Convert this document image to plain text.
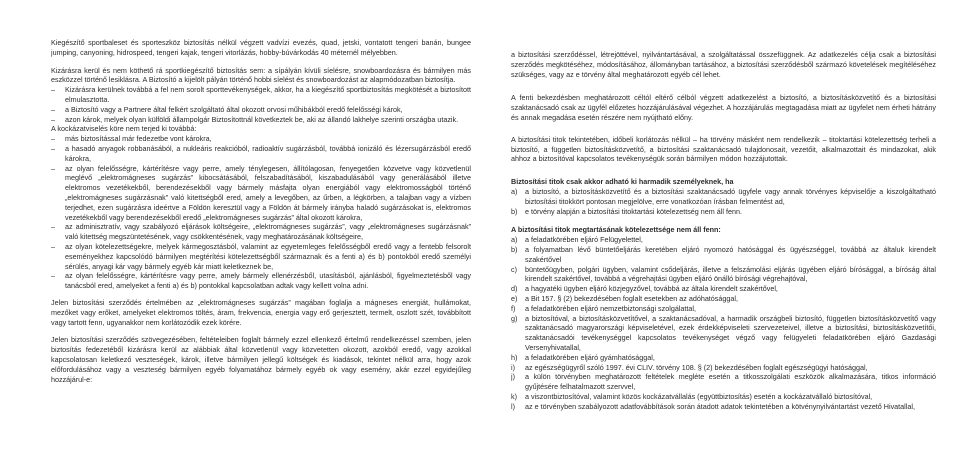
Kiegészítő sportbaleset és sporteszköz biztosítás nélkül végzett vadvízi evezés, quad, jetski, vontatott tengeri banán, bungee jumping, canyoning, hidrospeed, tengeri kajak, tengeri vitorlázás, hobby-búvárkodás 40 méternél mélyebben.

Kizárásra kerül és nem köthető rá sportkiegészítő biztosítás sem: a sípályán kívüli síelésre, snowboardozásra és bármilyen más eszközzel történő lesiklásra. A Biztosító a kijelölt pályán történő hobbi síelést és snowboardozást az alapmódozatban biztosítja.

–	Kizárásra kerülnek továbbá a fel nem sorolt sporttevékenységek, akkor, ha a kiegészítő sportbiztosítás megkötését a biztosított elmulasztotta.
–	a Biztosító vagy a Partnere által felkért szolgáltató által okozott orvosi műhibákból eredő felelősségi károk,
–	azon károk, melyek olyan külföldi állampolgár Biztosítottnál következtek be, aki az állandó lakhelye szerinti országba utazik.

A kockázatviselés köre nem terjed ki továbbá:

–	más biztosítással már fedezetbe vont károkra,
–	a hasadó anyagok robbanásából, a nukleáris reakcióból, radioaktív sugárzásból, továbbá ionizáló és lézersugárzásból eredő károkra,
–	az olyan felelősségre, kártérítésre vagy perre, amely ténylegesen, állítólagosan, fenyegetően közvetve vagy közvetlenül meglévő „elektromágneses sugárzás” kibocsátásából, felszabadításából, kiszabadulásából vagy generálásából illetve elektromos vezetékekből, berendezésekből vagy bármely másfajta olyan energiából vagy elektromosságból történő „elektromágneses sugárzásnak” való kitettségből ered, amely a levegőben, az űrben, a légkörben, a talajban vagy a vízben terjedhet, ezen sugárzásra ideértve a Földön keresztül vagy a Földön át bármely irányba haladó sugárzásokat is, elektromos vezetékekből vagy berendezésekből eredő „elektromágneses sugárzás” által okozott károkra,
–	az adminisztratív, vagy szabályozó eljárások költségeire, „elektromágneses sugárzás”, vagy „elektromágneses sugárzásnak” való kitettség megszüntetésének, vagy csökkentésének, vagy meghatározásának költségeire,
–	az olyan kötelezettségekre, melyek kármegosztásból, valamint az egyetemleges felelősségből eredő vagy a fentebb felsorolt eseményekhez kapcsolódó bármilyen megtérítési kötelezettségből származnak és a fenti a) és b) pontokból eredő személyi sérülés, anyagi kár vagy bármely egyéb kár miatt keletkeznek be,
–	az olyan felelősségre, kártérítésre vagy perre, amely bármely ellenérzésből, utasításból, ajánlásból, figyelmeztetésből vagy tanácsból ered, amelyeket a fenti a) és b) pontokkal kapcsolatban adtak vagy kellett volna adni.

Jelen biztosítási szerződés értelmében az „elektromágneses sugárzás” magában foglalja a mágneses energiát, hullámokat, mezőket vagy erőket, amelyeket elektromos töltés, áram, frekvencia, energia vagy erő gerjesztett, termelt, oszlott szét, továbbított vagy tartott fenn, ugyanakkor nem korlátozódik ezek körére.

Jelen biztosítási szerződés szövegezésében, feltételeiben foglalt bármely ezzel ellenkező értelmű rendelkezéssel szemben, jelen biztosítás fedezetéből kizárásra kerül az alábbiak által közvetlenül vagy közvetetten okozott, azokból eredő, vagy azokkal kapcsolatosan keletkező veszteségek, károk, illetve bármilyen jellegű költségek és kiadások, tekintet nélkül arra, hogy azok előfordulásához vagy a veszteség bármilyen egyéb folyamatához bármely egyéb ok vagy esemény, akár ezzel egyidejűleg hozzájárul-e:

a biztosítási szerződéssel, létrejöttével, nyilvántartásával, a szolgáltatással összefüggnek. Az adatkezelés célja csak a biztosítási szerződés megkötéséhez, módosításához, állományban tartásához, a biztosítási szerződésből származó követelések megítéléséhez szükséges, vagy az e törvény által meghatározott egyéb cél lehet.

A fenti bekezdésben meghatározott céltól eltérő célból végzett adatkezelést a biztosító, a biztosításközvetítő és a biztosítási szaktanácsadó csak az ügyfél előzetes hozzájárulásával végezhet. A hozzájárulás megtagadása miatt az ügyfelet nem érheti hátrány és annak megadása esetén részére nem nyújtható előny.

A biztosítási titok tekintetében, időbeli korlátozás nélkül – ha törvény másként nem rendelkezik – titoktartási kötelezettség terheli a biztosító, a független biztosításközvetítő, a biztosítási szaktanácsadó tulajdonosait, vezetőit, alkalmazottait és mindazokat, akik ahhoz a biztosítóval kapcsolatos tevékenységük során bármilyen módon hozzájutottak.

Biztosítási titok csak akkor adható ki harmadik személyeknek, ha

a)	a biztosító, a biztosításközvetítő és a biztosítási szaktanácsadó ügyfele vagy annak törvényes képviselője a kiszolgáltatható biztosítási titokkört pontosan megjelölve, erre vonatkozóan írásban felmentést ad,
b)	e törvény alapján a biztosítási titoktartási kötelezettség nem áll fenn.

A biztosítási titok megtartásának kötelezettsége nem áll fenn:

a)	a feladatkörében eljáró Felügyelettel,
b)	a folyamatban lévő büntetőeljárás keretében eljáró nyomozó hatósággal és ügyészséggel, továbbá az általuk kirendelt szakértővel
c)	büntetőügyben, polgári ügyben, valamint csődeljárás, illetve a felszámolási eljárás ügyében eljáró bírósággal, a bíróság által kirendelt szakértővel, továbbá a végrehajtási ügyben eljáró önálló bírósági végrehajtóval,
d)	a hagyatéki ügyben eljáró közjegyzővel, továbbá az általa kirendelt szakértővel,
e)	a Bit 157. § (2) bekezdésében foglalt esetekben az adóhatósággal,
f)	a feladatkörében eljáró nemzetbiztonsági szolgálattal,
g)	a biztosítóval, a biztosításközvetítővel, a szaktanácsadóval, a harmadik országbeli biztosító, független biztosításközvetítő vagy szaktanácsadó magyarországi képviseletével, ezek érdekképviseleti szervezeteivel, illetve a biztosítási, biztosításközvetítői, szaktanácsadói tevékenységgel kapcsolatos tevékenységet végző vagy felügyeleti feladatkörében eljáró Gazdasági Versenyhivatallal,
h)	a feladatkörében eljáró gyámhatósággal,
i)	az egészségügyről szóló 1997. évi CLIV. törvény 108. § (2) bekezdésében foglalt egészségügyi hatósággal,
j)	a külön törvényben meghatározott feltételek megléte esetén a titkosszolgálati eszközök alkalmazására, titkos információ gyűjtésére felhatalmazott szervvel,
k)	a viszontbiztosítóval, valamint közös kockázatvállalás (együttbiztosítás) esetén a kockázatvállaló biztosítóval,
l)	az e törvényben szabályozott adatfovábbítások során átadott adatok tekintetében a kötvénynyilvántartást vezető Hivatallal,
